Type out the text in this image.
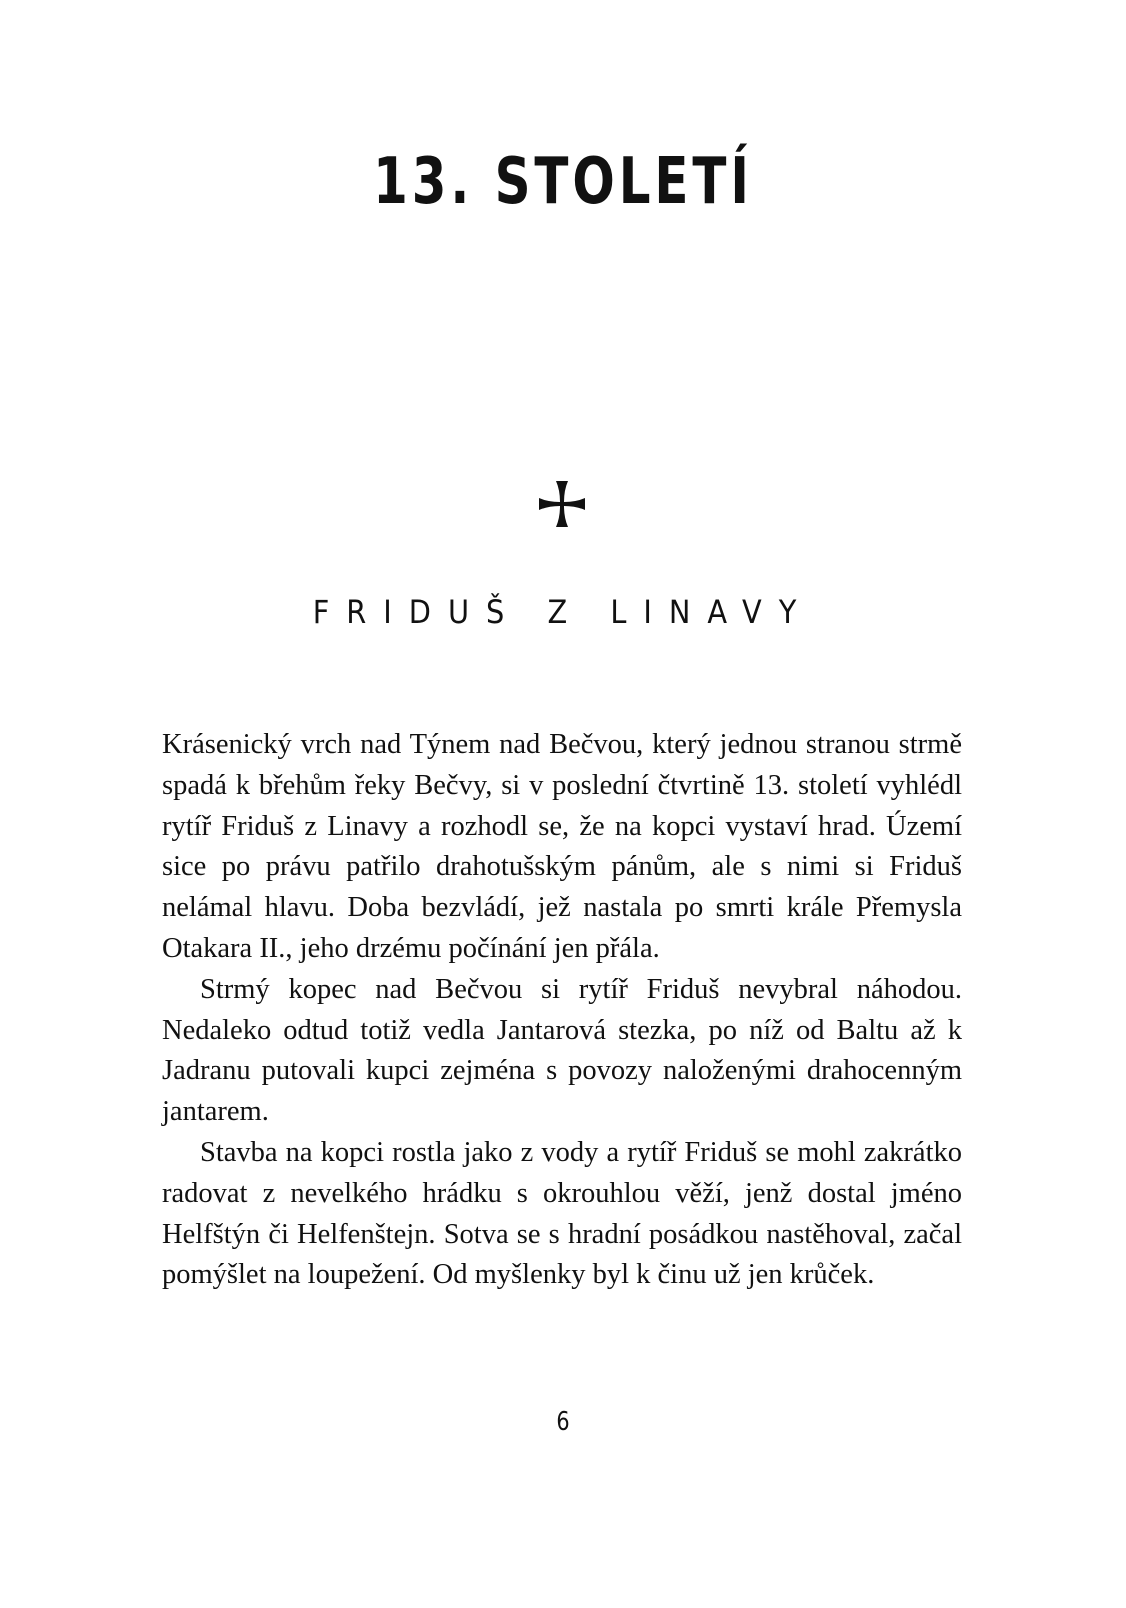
13. STOLETÍ
FRIDUŠ Z LINAVY

Krásenický vrch nad Týnem nad Bečvou, který jednou stranou strmě spadá k břehům řeky Bečvy, si v poslední čtvrtině 13. století vyhlédl rytíř Friduš z Linavy a rozhodl se, že na kopci vystaví hrad. Území sice po právu patřilo drahotušským pánům, ale s nimi si Friduš nelámal hlavu. Doba bezvládí, jež nastala po smrti krále Přemysla Otakara II., jeho drzému počínání jen přála.

Strmý kopec nad Bečvou si rytíř Friduš nevybral náhodou. Nedaleko odtud totiž vedla Jantarová stezka, po níž od Baltu až k Jadranu putovali kupci zejména s povozy naloženými drahocenným jantarem.

Stavba na kopci rostla jako z vody a rytíř Friduš se mohl zakrátko radovat z nevelkého hrádku s okrouhlou věží, jenž dostal jméno Helfštýn či Helfenštejn. Sotva se s hradní posádkou nastěhoval, začal pomýšlet na loupežení. Od myšlenky byl k činu už jen krůček.

6
